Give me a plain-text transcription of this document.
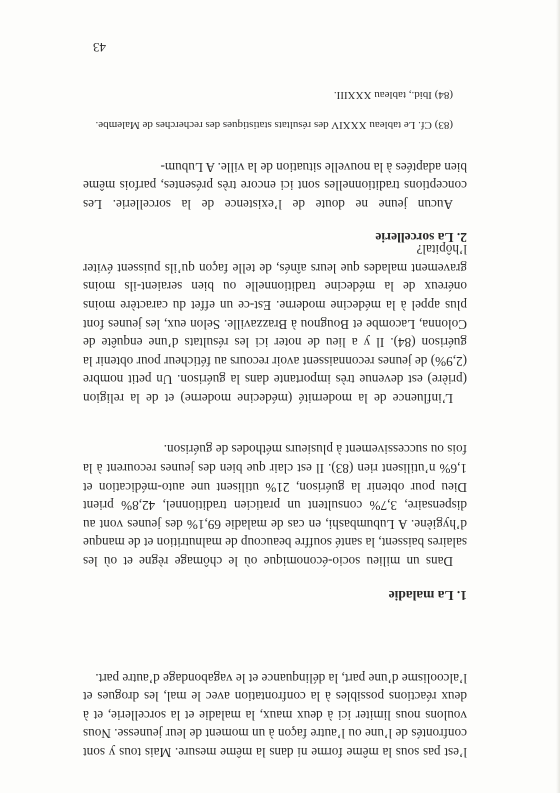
l’est pas sous la même forme ni dans la même mesure. Mais tous y sont confrontés de l’une ou l’autre façon à un moment de leur jeunesse. Nous voulons nous limiter ici à deux maux, la maladie et la sorcellerie, et à deux réactions possibles à la confrontation avec le mal, les drogues et l’alcoolisme d’une part, la délinquance et le vagabondage d’autre part.

1. La maladie

Dans un milieu socio-économique où le chômage règne et où les salaires baissent, la santé souffre beaucoup de malnutrition et de manque d’hygiène. A Lubumbashi, en cas de maladie 69,1% des jeunes vont au dispensaire, 3,7% consultent un praticien traditionnel, 42,8% prient Dieu pour obtenir la guérison, 21% utilisent une auto-médication et 1,6% n’utilisent rien (83). Il est clair que bien des jeunes recourent à la fois ou successivement à plusieurs méthodes de guérison.

L’influence de la modernité (médecine moderne) et de la religion (prière) est devenue très importante dans la guérison. Un petit nombre (2,9%) de jeunes reconnaissent avoir recours au féticheur pour obtenir la guérison (84). Il y a lieu de noter ici les résultats d’une enquête de Colonna, Lacombe et Bougnou à Brazzaville. Selon eux, les jeunes font plus appel à la médecine moderne. Est-ce un effet du caractère moins onéreux de la médecine traditionnelle ou bien seraient-ils moins gravement malades que leurs aînés, de telle façon qu’ils puissent éviter l’hôpital?

2. La sorcellerie

Aucun jeune ne doute de l’existence de la sorcellerie. Les conceptions traditionnelles sont ici encore très présentes, parfois même bien adaptées à la nouvelle situation de la ville. A Lubum-

(83) Cf. Le tableau XXXIV des résultats statistiques des recherches de Malembe.

(84) Ibid., tableau XXXIII.

43
